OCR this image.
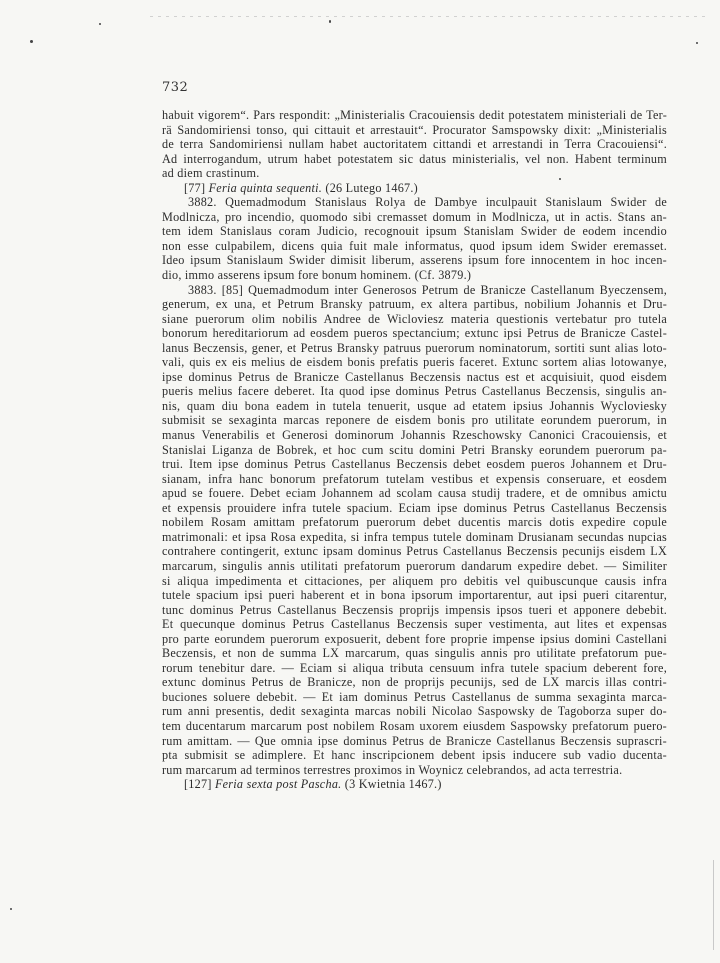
732
habuit vigorem“. Pars respondit: „Ministerialis Cracouiensis dedit potestatem ministeriali de Ter-
rä Sandomiriensi tonso, qui cittauit et arrestauit“. Procurator Samspowsky dixit: „Ministerialis
de terra Sandomiriensi nullam habet auctoritatem cittandi et arrestandi in Terra Cracouiensi“.
Ad interrogandum, utrum habet potestatem sic datus ministerialis, vel non. Habent terminum
ad diem crastinum.
[77] Feria quinta sequenti. (26 Lutego 1467.)
3882. Quemadmodum Stanislaus Rolya de Dambye inculpauit Stanislaum Swider de
Modlnicza, pro incendio, quomodo sibi cremasset domum in Modlnicza, ut in actis. Stans an-
tem idem Stanislaus coram Judicio, recognouit ipsum Stanislam Swider de eodem incendio
non esse culpabilem, dicens quia fuit male informatus, quod ipsum idem Swider eremasset.
Ideo ipsum Stanislaum Swider dimisit liberum, asserens ipsum fore innocentem in hoc incen-
dio, immo asserens ipsum fore bonum hominem. (Cf. 3879.)
3883. [85] Quemadmodum inter Generosos Petrum de Branicze Castellanum Byeczensem,
generum, ex una, et Petrum Bransky patruum, ex altera partibus, nobilium Johannis et Dru-
siane puerorum olim nobilis Andree de Wicloviesz materia questionis vertebatur pro tutela
bonorum hereditariorum ad eosdem pueros spectancium; extunc ipsi Petrus de Branicze Castel-
lanus Beczensis, gener, et Petrus Bransky patruus puerorum nominatorum, sortiti sunt alias loto-
vali, quis ex eis melius de eisdem bonis prefatis pueris faceret. Extunc sortem alias lotowanye,
ipse dominus Petrus de Branicze Castellanus Beczensis nactus est et acquisiuit, quod eisdem
pueris melius facere deberet. Ita quod ipse dominus Petrus Castellanus Beczensis, singulis an-
nis, quam diu bona eadem in tutela tenuerit, usque ad etatem ipsius Johannis Wycloviesky
submisit se sexaginta marcas reponere de eisdem bonis pro utilitate eorundem puerorum, in
manus Venerabilis et Generosi dominorum Johannis Rzeschowsky Canonici Cracouiensis, et
Stanislai Liganza de Bobrek, et hoc cum scitu domini Petri Bransky eorundem puerorum pa-
trui. Item ipse dominus Petrus Castellanus Beczensis debet eosdem pueros Johannem et Dru-
sianam, infra hanc bonorum prefatorum tutelam vestibus et expensis conseruare, et eosdem
apud se fouere. Debet eciam Johannem ad scolam causa studij tradere, et de omnibus amictu
et expensis prouidere infra tutele spacium. Eciam ipse dominus Petrus Castellanus Beczensis
nobilem Rosam amittam prefatorum puerorum debet ducentis marcis dotis expedire copule
matrimonali: et ipsa Rosa expedita, si infra tempus tutele dominam Drusianam secundas nupcias
contrahere contingerit, extunc ipsam dominus Petrus Castellanus Beczensis pecunijs eisdem LX
marcarum, singulis annis utilitati prefatorum puerorum dandarum expedire debet. — Similiter
si aliqua impedimenta et cittaciones, per aliquem pro debitis vel quibuscunque causis infra
tutele spacium ipsi pueri haberent et in bona ipsorum importarentur, aut ipsi pueri citarentur,
tunc dominus Petrus Castellanus Beczensis proprijs impensis ipsos tueri et apponere debebit.
Et quecunque dominus Petrus Castellanus Beczensis super vestimenta, aut lites et expensas
pro parte eorundem puerorum exposuerit, debent fore proprie impense ipsius domini Castellani
Beczensis, et non de summa LX marcarum, quas singulis annis pro utilitate prefatorum pue-
rorum tenebitur dare. — Eciam si aliqua tributa censuum infra tutele spacium deberent fore,
extunc dominus Petrus de Branicze, non de proprijs pecunijs, sed de LX marcis illas contri-
buciones soluere debebit. — Et iam dominus Petrus Castellanus de summa sexaginta marca-
rum anni presentis, dedit sexaginta marcas nobili Nicolao Saspowsky de Tagoborza super do-
tem ducentarum marcarum post nobilem Rosam uxorem eiusdem Saspowsky prefatorum puero-
rum amittam. — Que omnia ipse dominus Petrus de Branicze Castellanus Beczensis suprascri-
pta submisit se adimplere. Et hanc inscripcionem debent ipsis inducere sub vadio ducenta-
rum marcarum ad terminos terrestres proximos in Woynicz celebrandos, ad acta terrestria.
[127] Feria sexta post Pascha. (3 Kwietnia 1467.)
